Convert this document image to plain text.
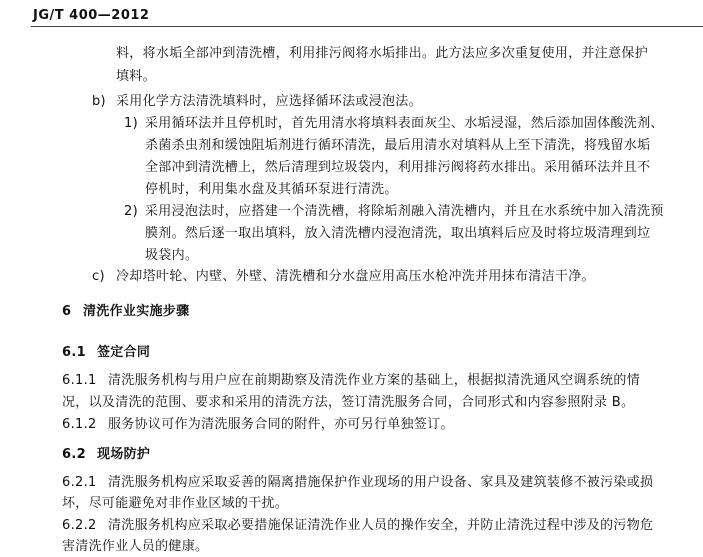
JG/T 400—2012
料，将水垢全部冲到清洗槽，利用排污阀将水垢排出。此方法应多次重复使用，并注意保护
填料。
b) 采用化学方法清洗填料时，应选择循环法或浸泡法。
1) 采用循环法并且停机时，首先用清水将填料表面灰尘、水垢浸湿，然后添加固体酸洗剂、
杀菌杀虫剂和缓蚀阻垢剂进行循环清洗，最后用清水对填料从上至下清洗，将残留水垢
全部冲到清洗槽上，然后清理到垃圾袋内，利用排污阀将药水排出。采用循环法并且不
停机时，利用集水盘及其循环泵进行清洗。
2) 采用浸泡法时，应搭建一个清洗槽，将除垢剂融入清洗槽内，并且在水系统中加入清洗预
膜剂。然后逐一取出填料，放入清洗槽内浸泡清洗，取出填料后应及时将垃圾清理到垃
圾袋内。
c) 冷却塔叶轮、内壁、外壁、清洗槽和分水盘应用高压水枪冲洗并用抹布清洁干净。
6 清洗作业实施步骤
6.1 签定合同
6.1.1 清洗服务机构与用户应在前期勘察及清洗作业方案的基础上，根据拟清洗通风空调系统的情
况，以及清洗的范围、要求和采用的清洗方法，签订清洗服务合同，合同形式和内容参照附录 B。
6.1.2 服务协议可作为清洗服务合同的附件，亦可另行单独签订。
6.2 现场防护
6.2.1 清洗服务机构应采取妥善的隔离措施保护作业现场的用户设备、家具及建筑装修不被污染或损
坏，尽可能避免对非作业区域的干扰。
6.2.2 清洗服务机构应采取必要措施保证清洗作业人员的操作安全，并防止清洗过程中涉及的污物危
害清洗作业人员的健康。
